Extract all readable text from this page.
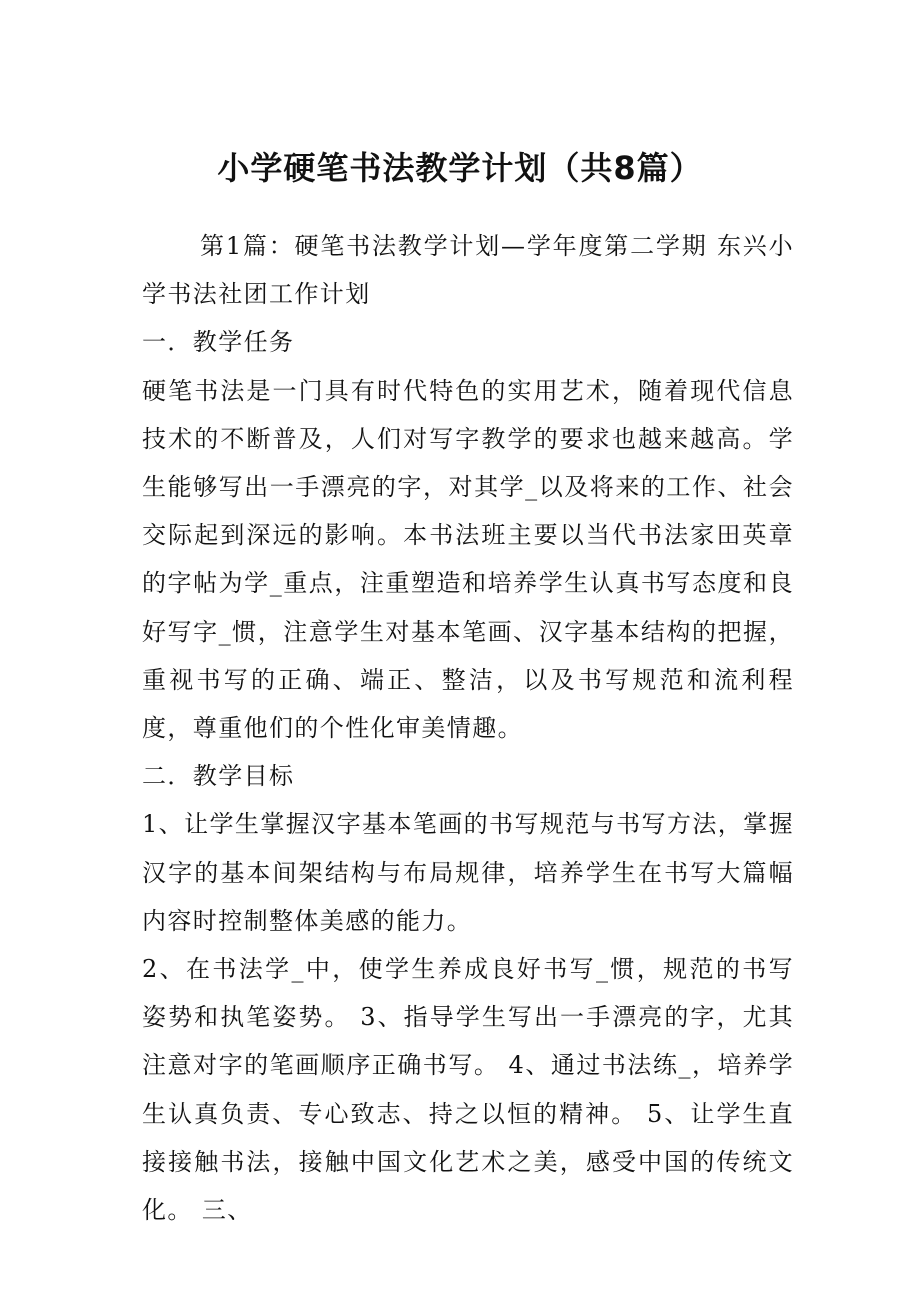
小学硬笔书法教学计划（共8篇）

第1篇：硬笔书法教学计划—学年度第二学期 东兴小学书法社团工作计划

一．教学任务

硬笔书法是一门具有时代特色的实用艺术，随着现代信息技术的不断普及，人们对写字教学的要求也越来越高。学生能够写出一手漂亮的字，对其学_以及将来的工作、社会交际起到深远的影响。本书法班主要以当代书法家田英章的字帖为学_重点，注重塑造和培养学生认真书写态度和良好写字_惯，注意学生对基本笔画、汉字基本结构的把握，重视书写的正确、端正、整洁，以及书写规范和流利程度，尊重他们的个性化审美情趣。

二．教学目标

1、让学生掌握汉字基本笔画的书写规范与书写方法，掌握汉字的基本间架结构与布局规律，培养学生在书写大篇幅内容时控制整体美感的能力。

2、在书法学_中，使学生养成良好书写_惯，规范的书写姿势和执笔姿势。 3、指导学生写出一手漂亮的字，尤其注意对字的笔画顺序正确书写。 4、通过书法练_，培养学生认真负责、专心致志、持之以恒的精神。 5、让学生直接接触书法，接触中国文化艺术之美，感受中国的传统文化。 三、
